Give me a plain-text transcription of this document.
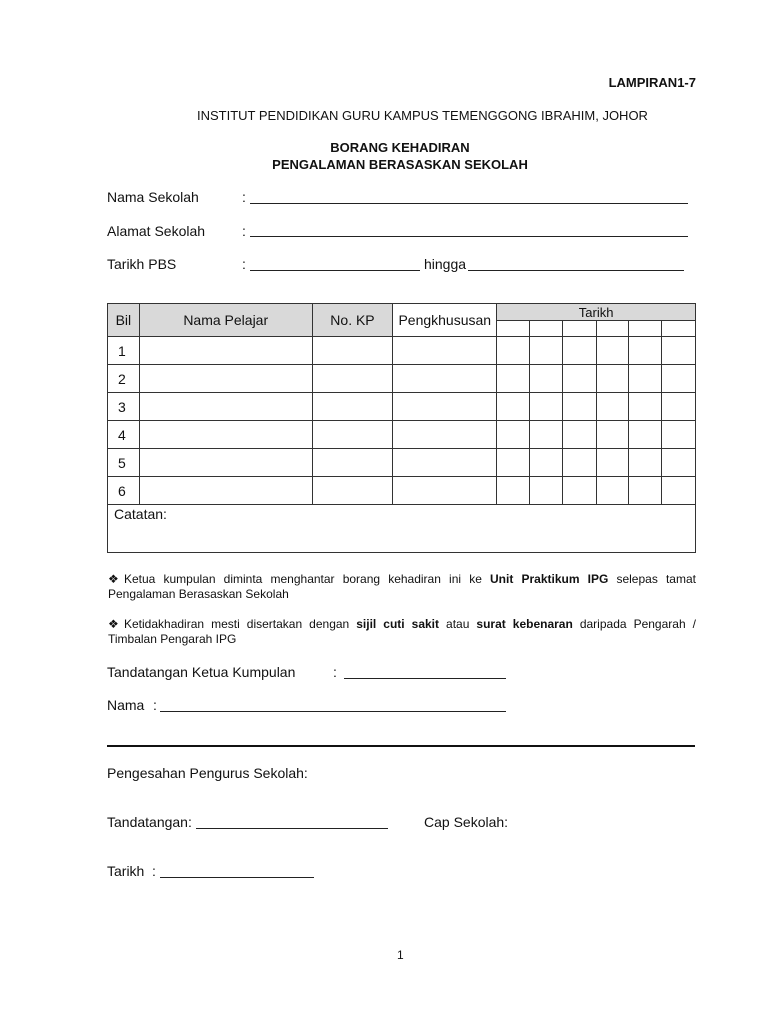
LAMPIRAN1-7
INSTITUT PENDIDIKAN GURU KAMPUS TEMENGGONG IBRAHIM, JOHOR
BORANG KEHADIRAN
PENGALAMAN BERASASKAN SEKOLAH
Nama Sekolah	:
Alamat Sekolah	:
Tarikh PBS	:	hingga
Bil	Nama Pelajar	No. KP	Pengkhususan	Tarikh					

1									
2									
3									
4									
5									
6									
Catatan:									
❖ Ketua kumpulan diminta menghantar borang kehadiran ini ke Unit Praktikum IPG selepas tamat Pengalaman Berasaskan Sekolah
❖ Ketidakhadiran mesti disertakan dengan sijil cuti sakit atau surat kebenaran daripada Pengarah / Timbalan Pengarah IPG
Tandatangan Ketua Kumpulan	:
Nama :
Pengesahan Pengurus Sekolah:
Tandatangan:	Cap Sekolah:
Tarikh :
1
